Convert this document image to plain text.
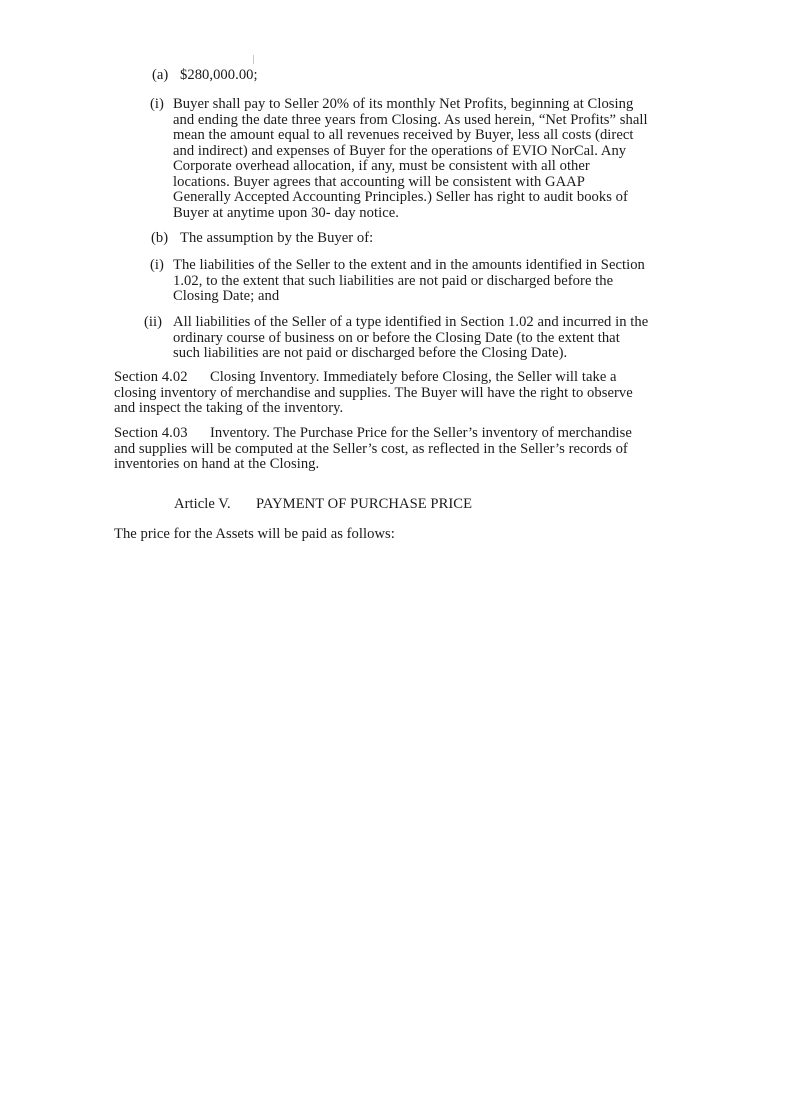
(a) $280,000.00;
(i) Buyer shall pay to Seller 20% of its monthly Net Profits, beginning at Closing
and ending the date three years from Closing. As used herein, “Net Profits” shall
mean the amount equal to all revenues received by Buyer, less all costs (direct
and indirect) and expenses of Buyer for the operations of EVIO NorCal. Any
Corporate overhead allocation, if any, must be consistent with all other
locations. Buyer agrees that accounting will be consistent with GAAP
Generally Accepted Accounting Principles.) Seller has right to audit books of
Buyer at anytime upon 30- day notice.
(b) The assumption by the Buyer of:
(i) The liabilities of the Seller to the extent and in the amounts identified in Section
1.02, to the extent that such liabilities are not paid or discharged before the
Closing Date; and
(ii) All liabilities of the Seller of a type identified in Section 1.02 and incurred in the
ordinary course of business on or before the Closing Date (to the extent that
such liabilities are not paid or discharged before the Closing Date).
Section 4.02 Closing Inventory. Immediately before Closing, the Seller will take a
closing inventory of merchandise and supplies. The Buyer will have the right to observe
and inspect the taking of the inventory.
Section 4.03 Inventory. The Purchase Price for the Seller’s inventory of merchandise
and supplies will be computed at the Seller’s cost, as reflected in the Seller’s records of
inventories on hand at the Closing.
Article V. PAYMENT OF PURCHASE PRICE
The price for the Assets will be paid as follows:
